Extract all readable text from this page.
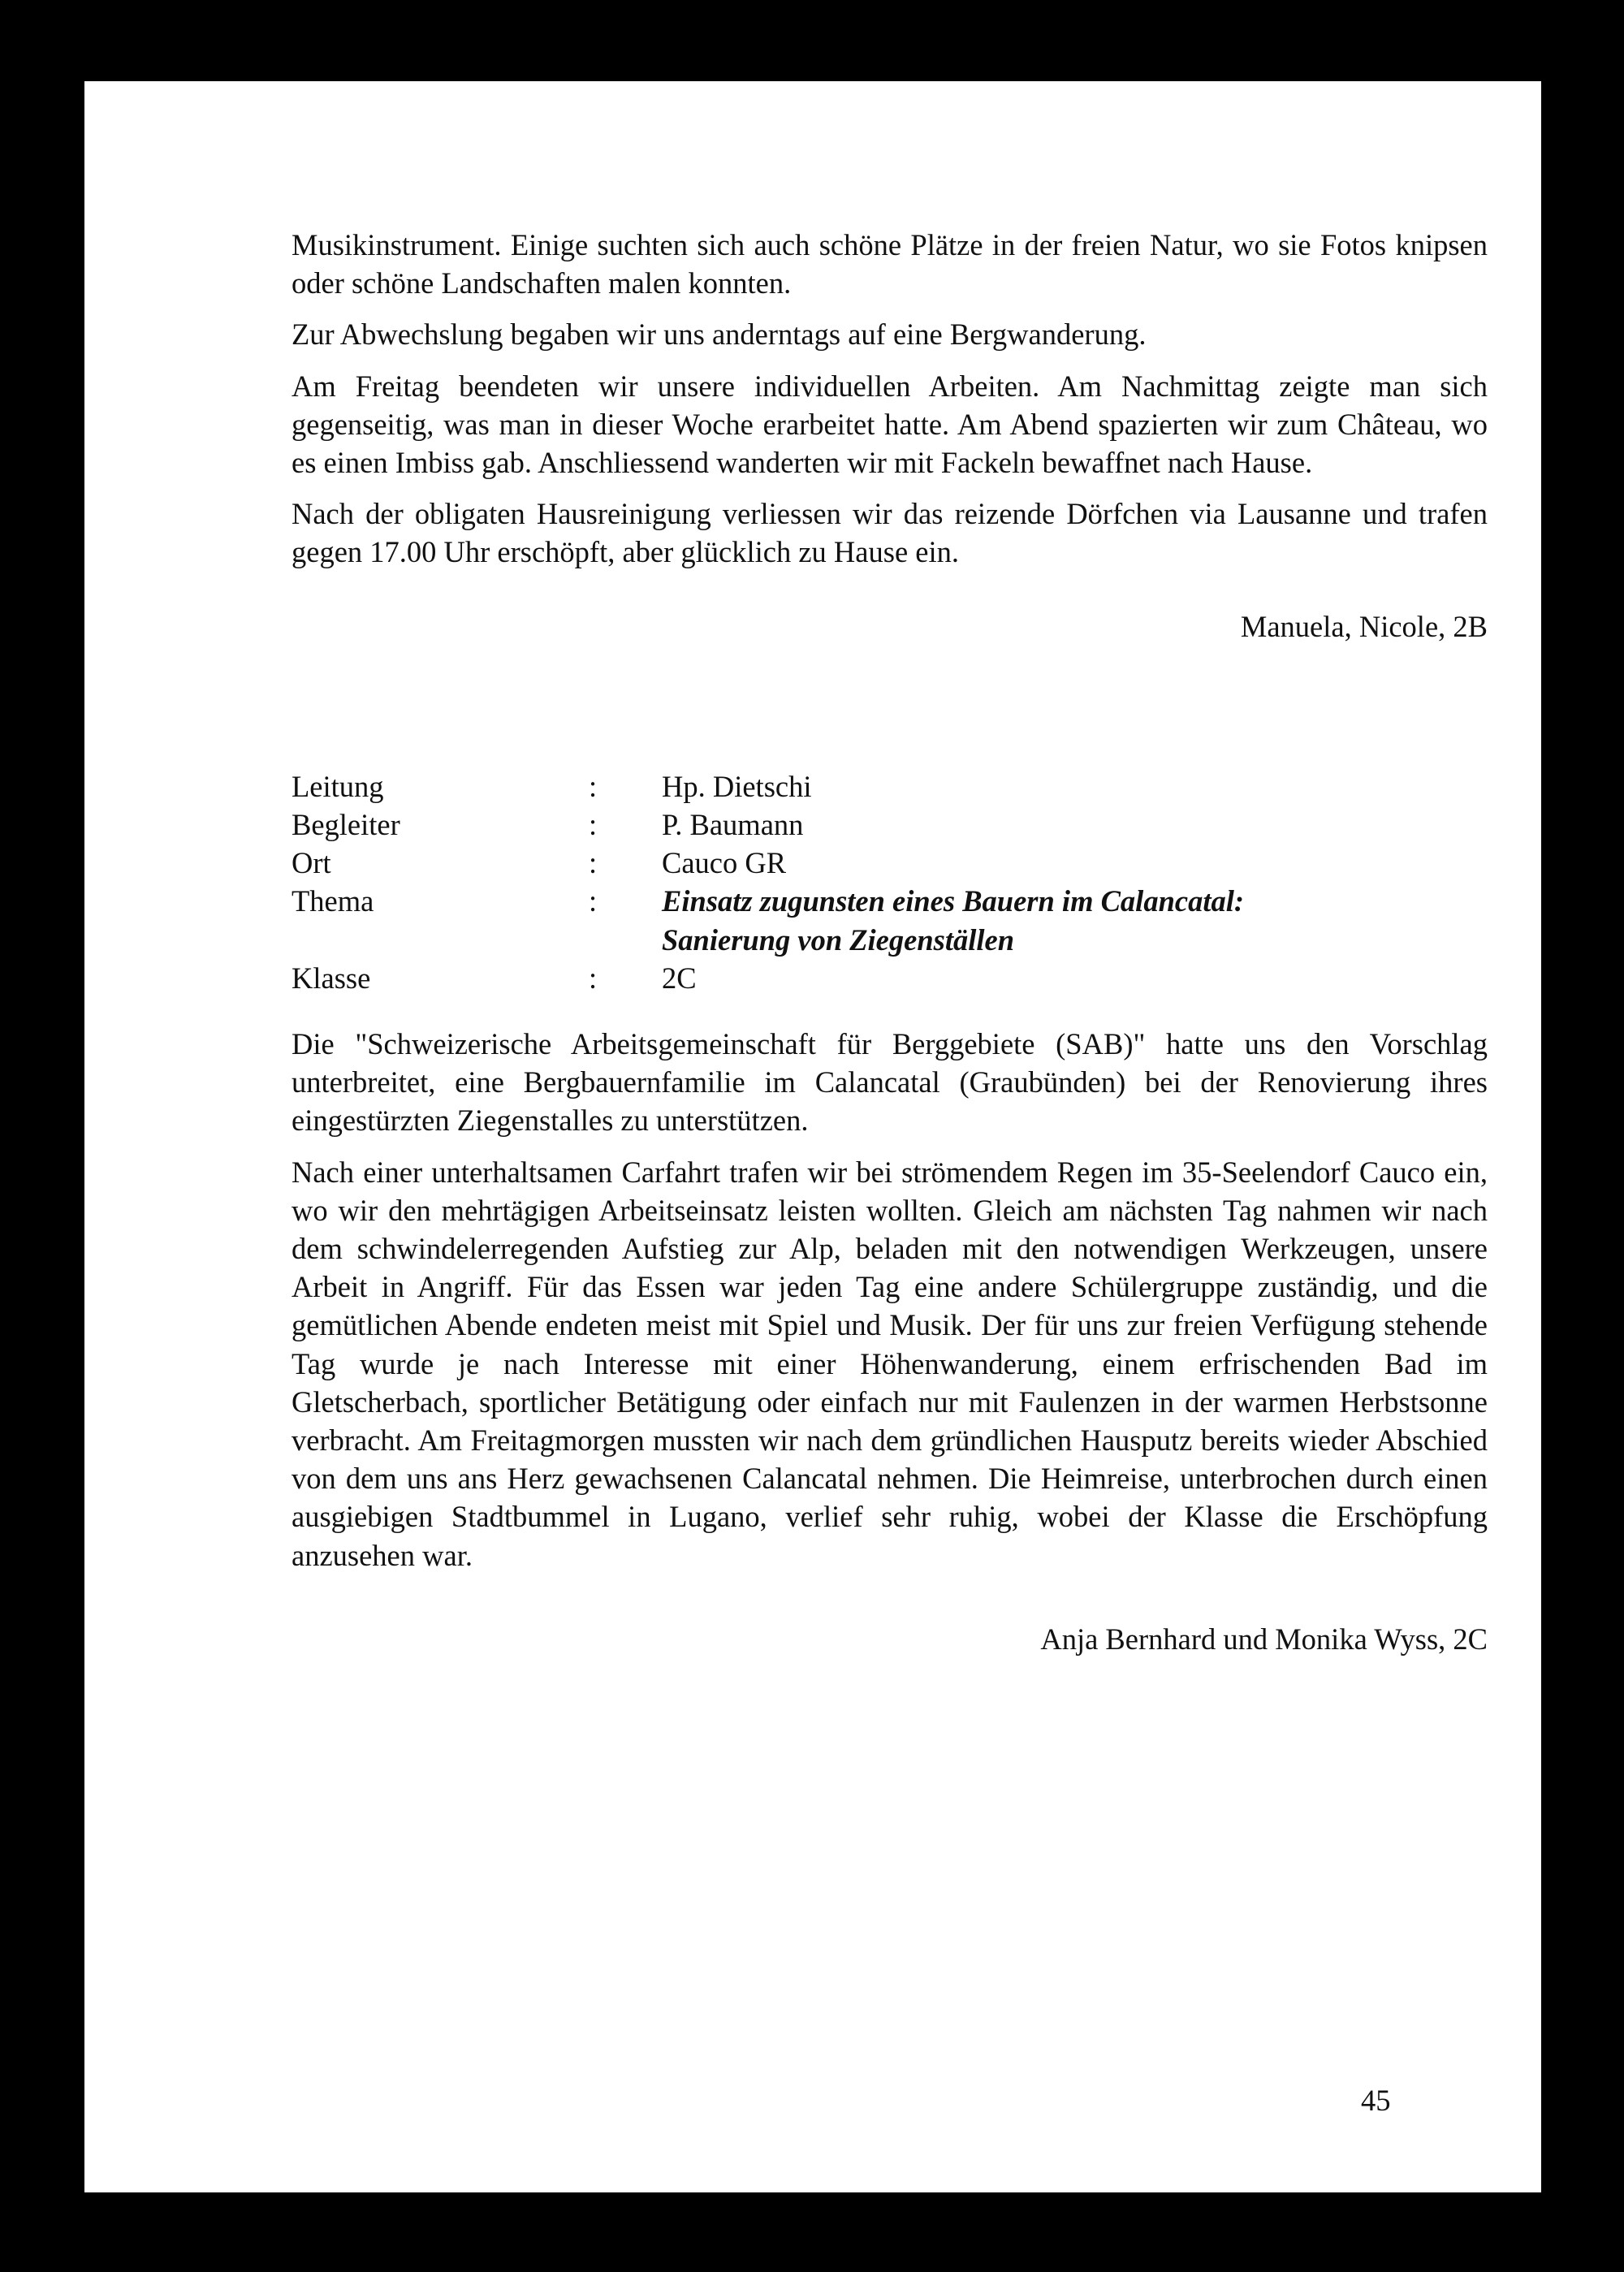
Musikinstrument. Einige suchten sich auch schöne Plätze in der freien Natur, wo sie Fotos knipsen oder schöne Landschaften malen konnten.

Zur Abwechslung begaben wir uns anderntags auf eine Bergwanderung.

Am Freitag beendeten wir unsere individuellen Arbeiten. Am Nachmittag zeigte man sich gegenseitig, was man in dieser Woche erarbeitet hatte. Am Abend spazierten wir zum Château, wo es einen Imbiss gab. Anschliessend wanderten wir mit Fackeln bewaffnet nach Hause.

Nach der obligaten Hausreinigung verliessen wir das reizende Dörfchen via Lausanne und trafen gegen 17.00 Uhr erschöpft, aber glücklich zu Hause ein.

Manuela, Nicole, 2B
Leitung	:	Hp. Dietschi
Begleiter	:	P. Baumann
Ort	:	Cauco GR
Thema	:	Einsatz zugunsten eines Bauern im Calancatal:
Sanierung von Ziegenställen
Klasse	:	2C

Die "Schweizerische Arbeitsgemeinschaft für Berggebiete (SAB)" hatte uns den Vorschlag unterbreitet, eine Bergbauernfamilie im Calancatal (Graubünden) bei der Renovierung ihres eingestürzten Ziegenstalles zu unterstützen.

Nach einer unterhaltsamen Carfahrt trafen wir bei strömendem Regen im 35-Seelendorf Cauco ein, wo wir den mehrtägigen Arbeitseinsatz leisten wollten. Gleich am nächsten Tag nahmen wir nach dem schwindelerregenden Aufstieg zur Alp, beladen mit den notwendigen Werkzeugen, unsere Arbeit in Angriff. Für das Essen war jeden Tag eine andere Schülergruppe zuständig, und die gemütlichen Abende endeten meist mit Spiel und Musik. Der für uns zur freien Verfügung stehende Tag wurde je nach Interesse mit einer Höhenwanderung, einem erfrischenden Bad im Gletscherbach, sportlicher Betätigung oder einfach nur mit Faulenzen in der warmen Herbstsonne verbracht. Am Freitagmorgen mussten wir nach dem gründlichen Hausputz bereits wieder Abschied von dem uns ans Herz gewachsenen Calancatal nehmen. Die Heimreise, unterbrochen durch einen ausgiebigen Stadtbummel in Lugano, verlief sehr ruhig, wobei der Klasse die Erschöpfung anzusehen war.

Anja Bernhard und Monika Wyss, 2C
45
